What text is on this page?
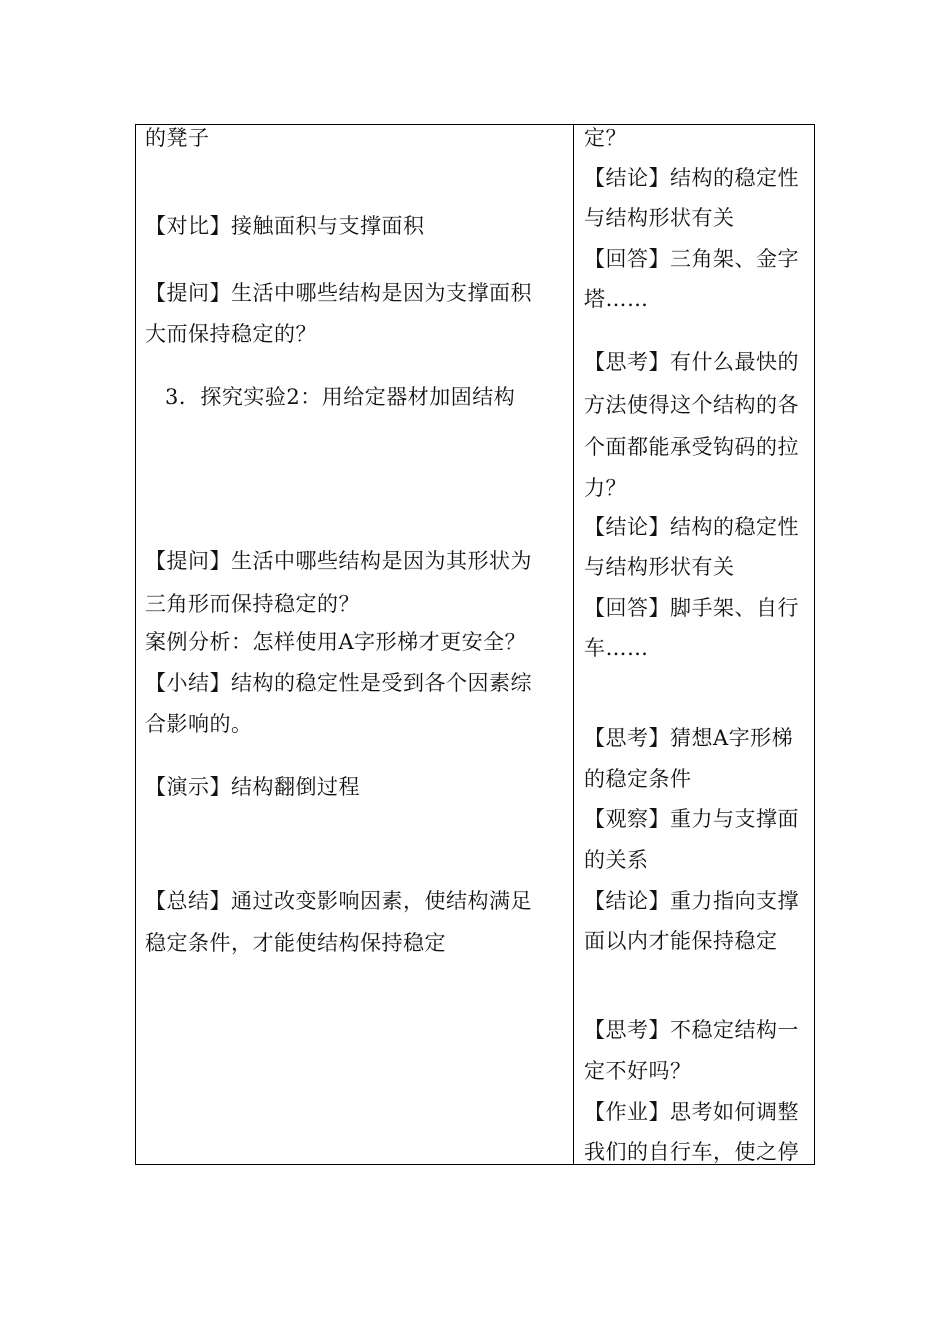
的凳子
【对比】接触面积与支撑面积
【提问】生活中哪些结构是因为支撑面积
大而保持稳定的？
3．探究实验2：用给定器材加固结构
【提问】生活中哪些结构是因为其形状为
三角形而保持稳定的？
案例分析：怎样使用A字形梯才更安全？
【小结】结构的稳定性是受到各个因素综
合影响的。
【演示】结构翻倒过程
【总结】通过改变影响因素，使结构满足
稳定条件，才能使结构保持稳定
定？
【结论】结构的稳定性
与结构形状有关
【回答】三角架、金字
塔……
【思考】有什么最快的
方法使得这个结构的各
个面都能承受钩码的拉
力？
【结论】结构的稳定性
与结构形状有关
【回答】脚手架、自行
车……
【思考】猜想A字形梯
的稳定条件
【观察】重力与支撑面
的关系
【结论】重力指向支撑
面以内才能保持稳定
【思考】不稳定结构一
定不好吗？
【作业】思考如何调整
我们的自行车，使之停
